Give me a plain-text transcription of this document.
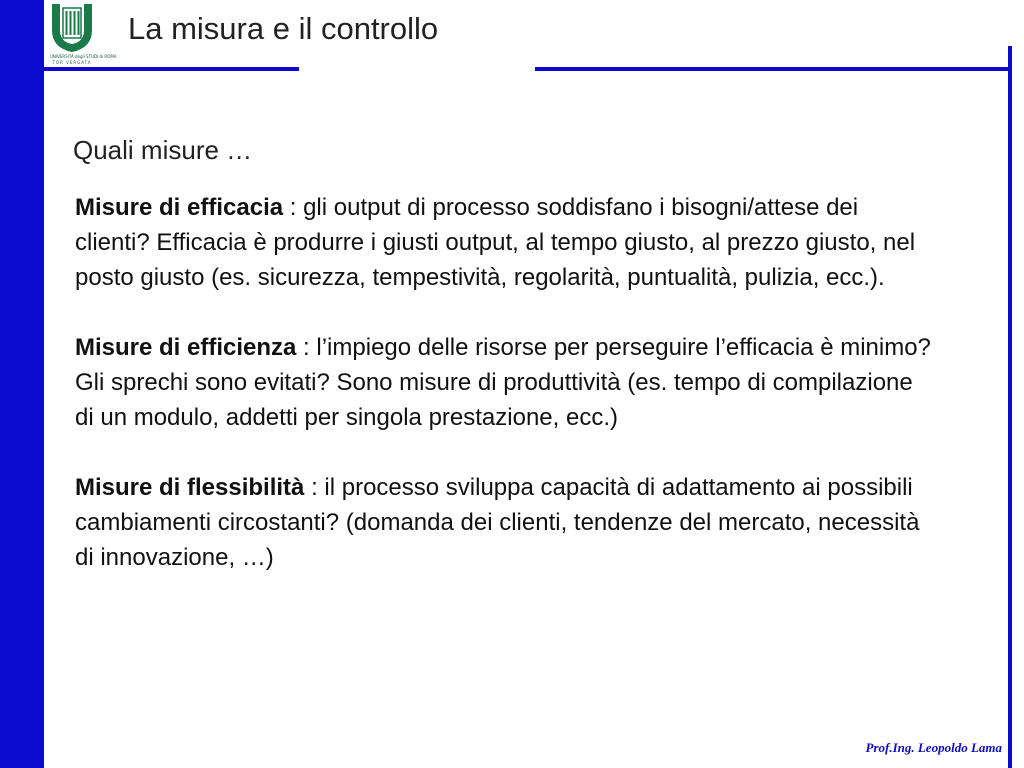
UNIVERSITÀ degli STUDI di ROMA
TOR VERGATA
La misura e il controllo
Quali misure …

Misure di efficacia : gli output di processo soddisfano i bisogni/attese dei clienti? Efficacia è produrre i giusti output, al tempo giusto, al prezzo giusto, nel posto giusto (es. sicurezza, tempestività, regolarità, puntualità, pulizia, ecc.).

Misure di efficienza : l’impiego delle risorse per perseguire l’efficacia è minimo? Gli sprechi sono evitati? Sono misure di produttività (es. tempo di compilazione di un modulo, addetti per singola prestazione, ecc.)

Misure di flessibilità : il processo sviluppa capacità di adattamento ai possibili cambiamenti circostanti? (domanda dei clienti, tendenze del mercato, necessità di innovazione, …)

Prof.Ing. Leopoldo Lama
